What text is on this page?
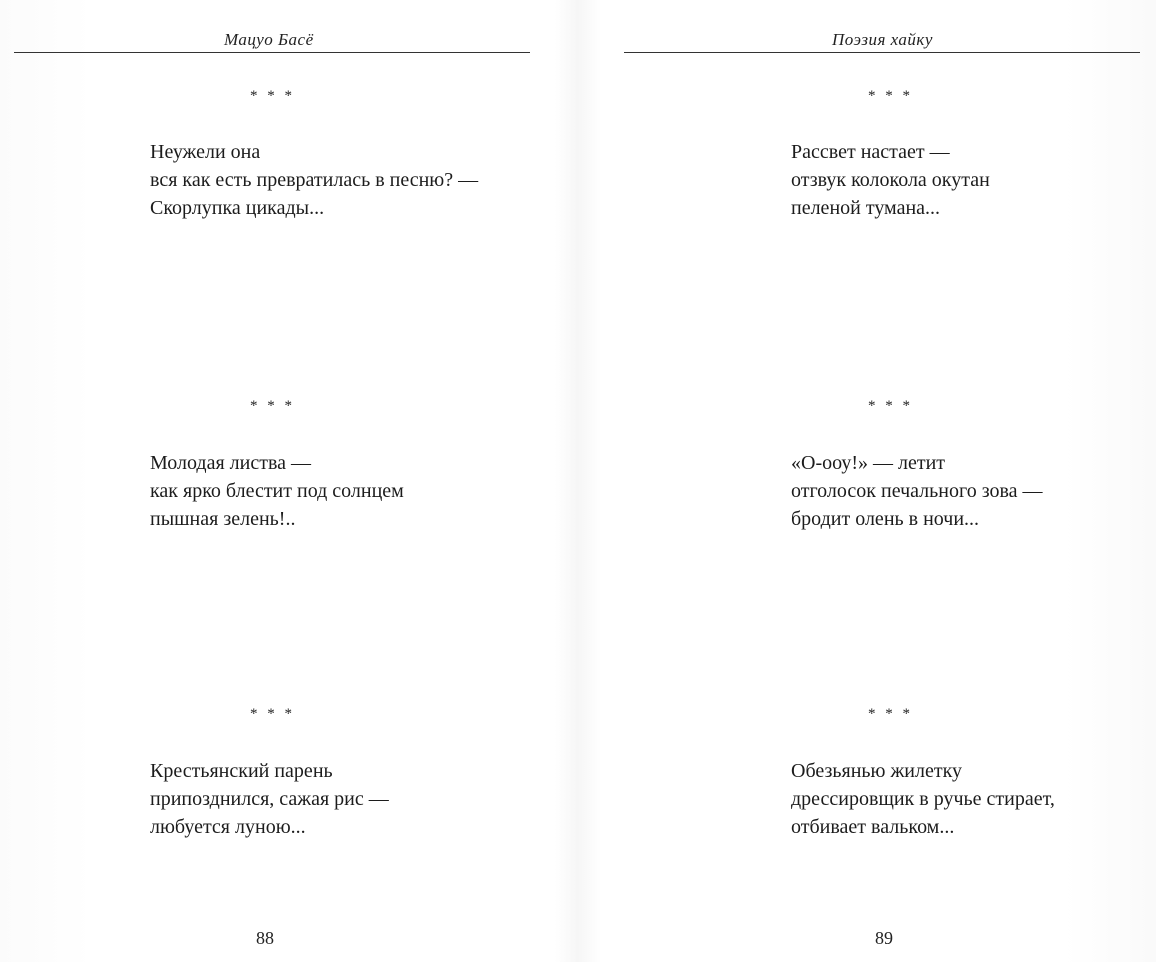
Мацуо Басё
* * *
Неужели она
вся как есть превратилась в песню? —
Скорлупка цикады...
* * *
Молодая листва —
как ярко блестит под солнцем
пышная зелень!..
* * *
Крестьянский парень
припозднился, сажая рис —
любуется луною...
88
Поэзия хайку
* * *
Рассвет настает —
отзвук колокола окутан
пеленой тумана...
* * *
«О-ооу!» — летит
отголосок печального зова —
бродит олень в ночи...
* * *
Обезьянью жилетку
дрессировщик в ручье стирает,
отбивает вальком...
89
